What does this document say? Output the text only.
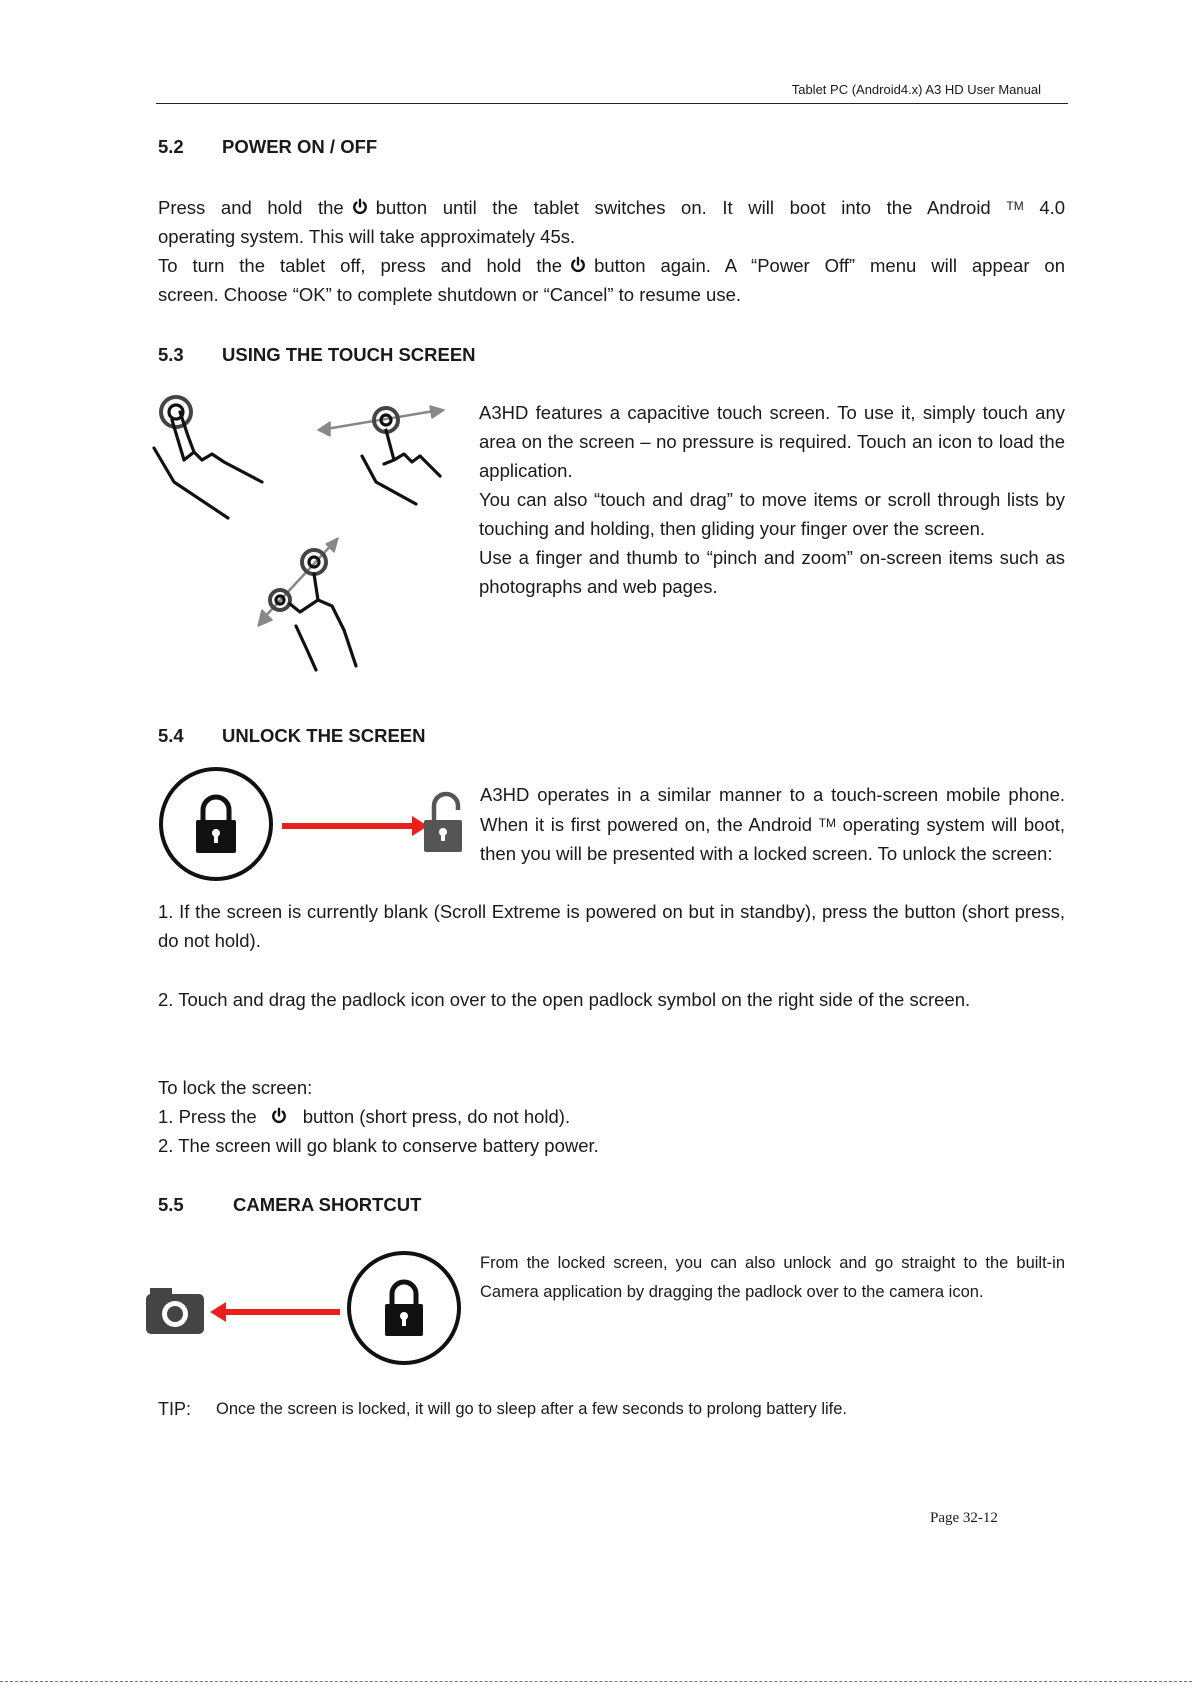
Tablet PC (Android4.x) A3 HD User Manual
5.2 POWER ON / OFF
Press and hold the button until the tablet switches on. It will boot into the Android ™ 4.0
operating system. This will take approximately 45s.
To turn the tablet off, press and hold the button again. A “Power Off” menu will appear on
screen. Choose “OK” to complete shutdown or “Cancel” to resume use.
5.3 USING THE TOUCH SCREEN
A3HD features a capacitive touch screen. To use it, simply touch any area on the screen – no pressure is required. Touch an icon to load the application.
You can also “touch and drag” to move items or scroll through lists by touching and holding, then gliding your finger over the screen.
Use a finger and thumb to “pinch and zoom” on-screen items such as photographs and web pages.
5.4 UNLOCK THE SCREEN
A3HD operates in a similar manner to a touch-screen mobile phone. When it is first powered on, the Android ™ operating system will boot, then you will be presented with a locked screen. To unlock the screen:
1. If the screen is currently blank (Scroll Extreme is powered on but in standby), press the button (short press, do not hold).
2. Touch and drag the padlock icon over to the open padlock symbol on the right side of the screen.
To lock the screen:
1. Press the button (short press, do not hold).
2. The screen will go blank to conserve battery power.
5.5	CAMERA SHORTCUT
From the locked screen, you can also unlock and go straight to the built-in Camera application by dragging the padlock over to the camera icon.
TIP: Once the screen is locked, it will go to sleep after a few seconds to prolong battery life.
Page 32-12
